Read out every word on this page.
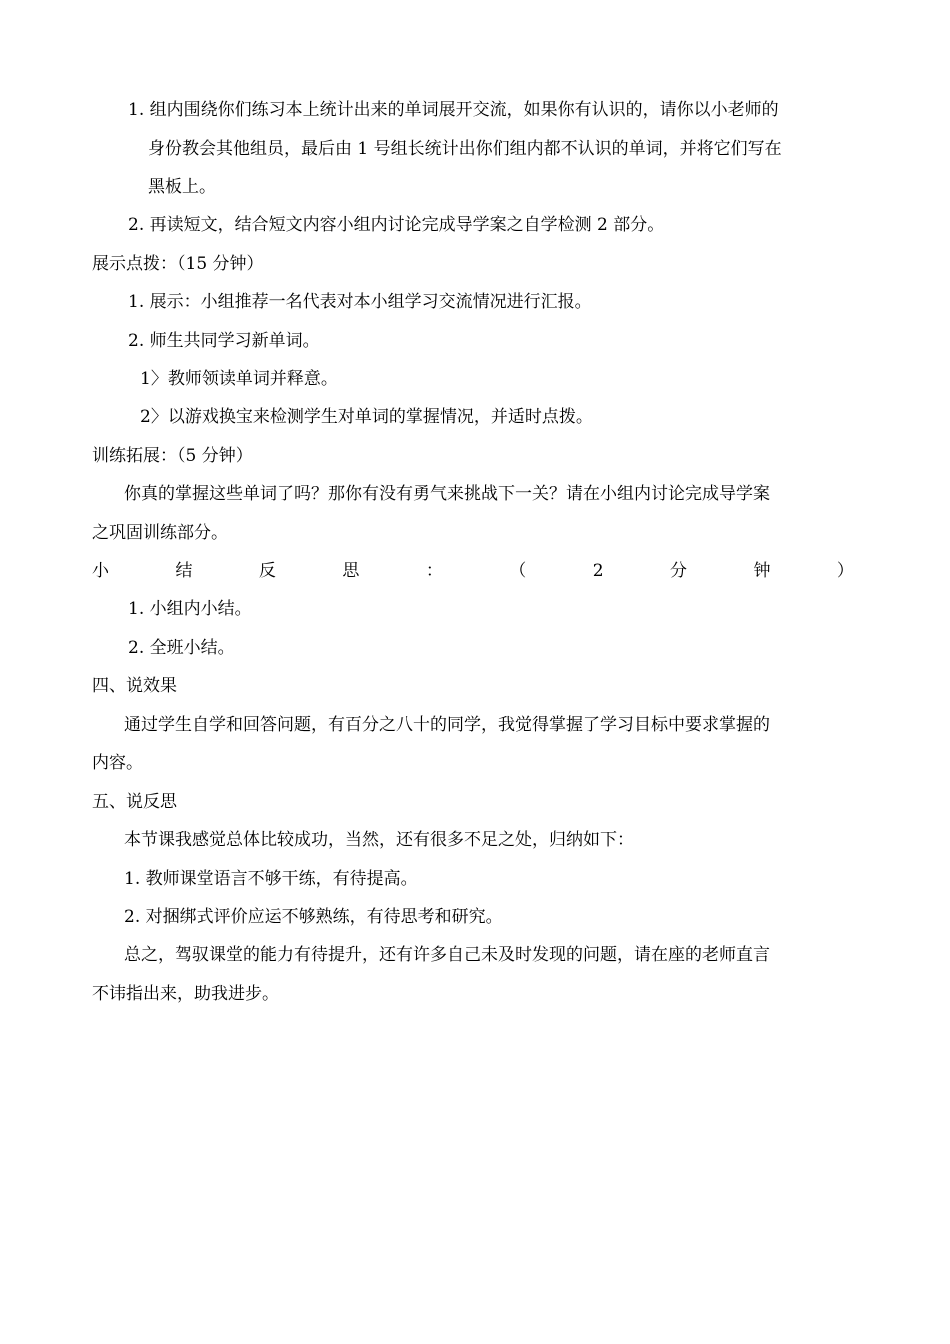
1. 组内围绕你们练习本上统计出来的单词展开交流，如果你有认识的，请你以小老师的
身份教会其他组员，最后由 1 号组长统计出你们组内都不认识的单词，并将它们写在
黑板上。
2. 再读短文，结合短文内容小组内讨论完成导学案之自学检测 2 部分。
展示点拨：（15 分钟）
1. 展示：小组推荐一名代表对本小组学习交流情况进行汇报。
2. 师生共同学习新单词。
1〉教师领读单词并释意。
2〉以游戏换宝来检测学生对单词的掌握情况，并适时点拨。
训练拓展：（5 分钟）
你真的掌握这些单词了吗？那你有没有勇气来挑战下一关？请在小组内讨论完成导学案
之巩固训练部分。
小	结	反	思	：	（	2	分	钟	）
1. 小组内小结。
2. 全班小结。
四、说效果
通过学生自学和回答问题，有百分之八十的同学，我觉得掌握了学习目标中要求掌握的
内容。
五、说反思
本节课我感觉总体比较成功，当然，还有很多不足之处，归纳如下：
1. 教师课堂语言不够干练，有待提高。
2. 对捆绑式评价应运不够熟练，有待思考和研究。
总之，驾驭课堂的能力有待提升，还有许多自己未及时发现的问题，请在座的老师直言
不讳指出来，助我进步。
